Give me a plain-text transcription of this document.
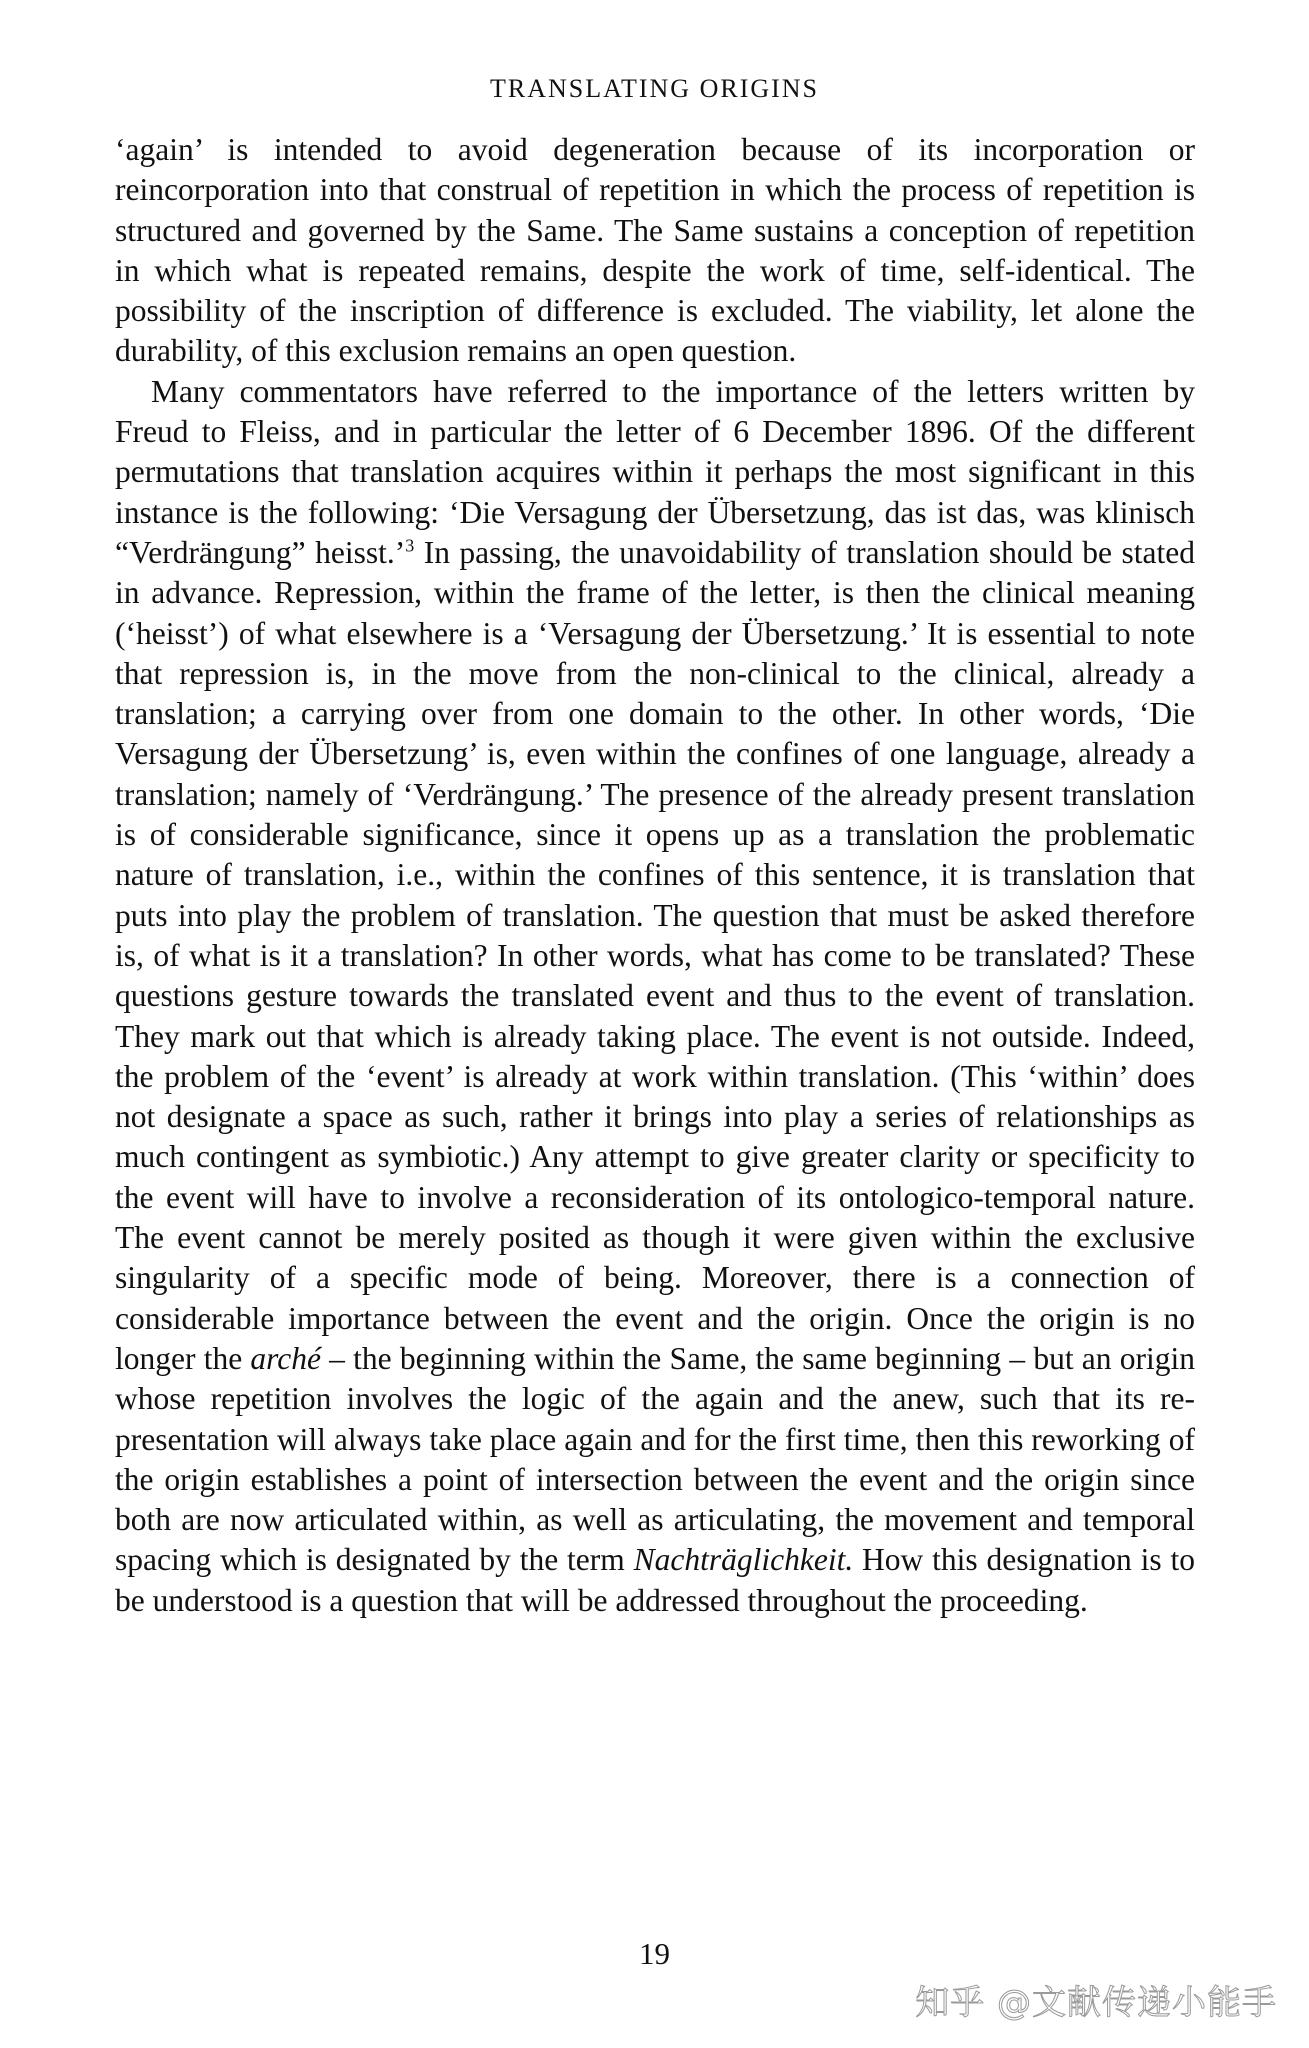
TRANSLATING ORIGINS

‘again’ is intended to avoid degeneration because of its incorporation or reincorporation into that construal of repetition in which the process of repetition is structured and governed by the Same. The Same sustains a conception of repetition in which what is repeated remains, despite the work of time, self-identical. The possibility of the inscription of difference is excluded. The viability, let alone the durability, of this exclusion remains an open question.

Many commentators have referred to the importance of the letters written by Freud to Fleiss, and in particular the letter of 6 December 1896. Of the different permutations that translation acquires within it perhaps the most significant in this instance is the following: ‘Die Versagung der Übersetzung, das ist das, was klinisch “Verdrängung” heisst.’$^3$ In passing, the unavoidability of translation should be stated in advance. Repression, within the frame of the letter, is then the clinical meaning (‘heisst’) of what elsewhere is a ‘Versagung der Übersetzung.’ It is essential to note that repression is, in the move from the non-clinical to the clinical, already a translation; a carrying over from one domain to the other. In other words, ‘Die Versagung der Übersetzung’ is, even within the confines of one language, already a translation; namely of ‘Verdrängung.’ The presence of the already present translation is of considerable significance, since it opens up as a translation the problematic nature of translation, i.e., within the confines of this sentence, it is translation that puts into play the problem of translation. The question that must be asked therefore is, of what is it a translation? In other words, what has come to be translated? These questions gesture towards the translated event and thus to the event of translation. They mark out that which is already taking place. The event is not outside. Indeed, the problem of the ‘event’ is already at work within translation. (This ‘within’ does not designate a space as such, rather it brings into play a series of relationships as much contingent as symbiotic.) Any attempt to give greater clarity or specificity to the event will have to involve a reconsideration of its ontologico-temporal nature. The event cannot be merely posited as though it were given within the exclusive singularity of a specific mode of being. Moreover, there is a connection of considerable importance between the event and the origin. Once the origin is no longer the arché – the beginning within the Same, the same beginning – but an origin whose repetition involves the logic of the again and the anew, such that its re-presentation will always take place again and for the first time, then this reworking of the origin establishes a point of intersection between the event and the origin since both are now articulated within, as well as articulating, the movement and temporal spacing which is designated by the term Nachträglichkeit. How this designation is to be understood is a question that will be addressed throughout the proceeding.

19
知乎 @文献传递小能手
